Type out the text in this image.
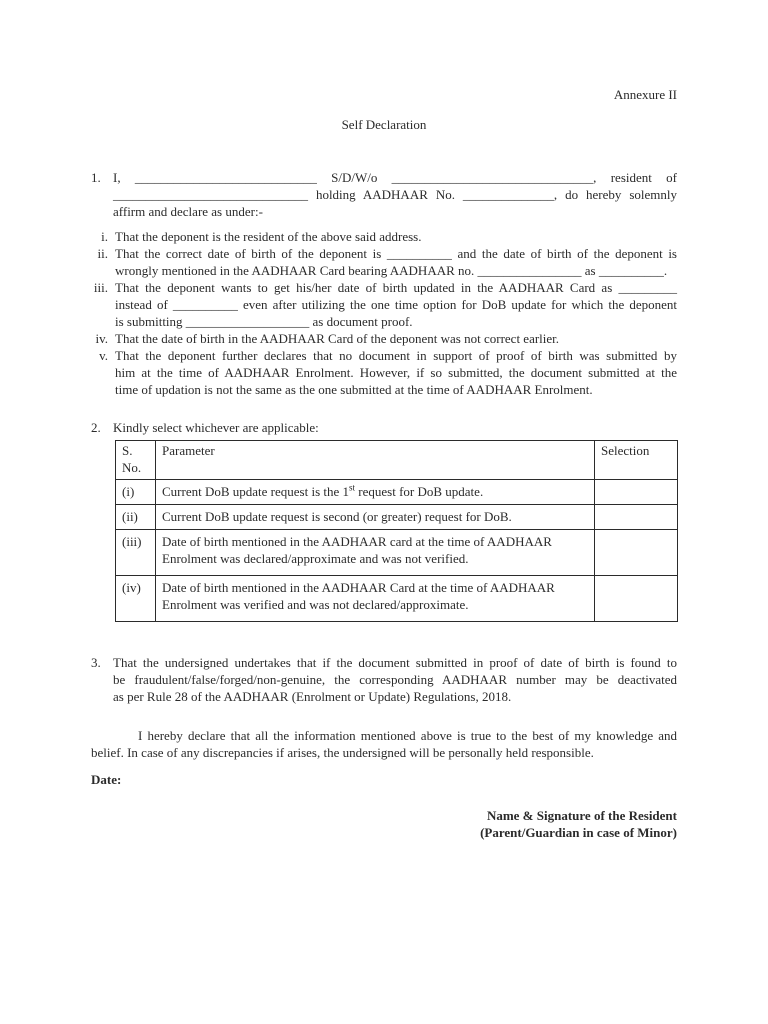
Annexure II
Self Declaration
1. I, ____________________________ S/D/W/o _______________________________, resident of
______________________________ holding AADHAAR No. ______________, do hereby solemnly
affirm and declare as under:-
i. That the deponent is the resident of the above said address.
ii. That the correct date of birth of the deponent is __________ and the date of birth of the deponent is
wrongly mentioned in the AADHAAR Card bearing AADHAAR no. ________________ as __________.
iii. That the deponent wants to get his/her date of birth updated in the AADHAAR Card as _________
instead of __________ even after utilizing the one time option for DoB update for which the deponent
is submitting ___________________ as document proof.
iv. That the date of birth in the AADHAAR Card of the deponent was not correct earlier.
v. That the deponent further declares that no document in support of proof of birth was submitted by
him at the time of AADHAAR Enrolment. However, if so submitted, the document submitted at the
time of updation is not the same as the one submitted at the time of AADHAAR Enrolment.
2. Kindly select whichever are applicable:
S. No.	Parameter	Selection
(i)	Current DoB update request is the 1st request for DoB update.	
(ii)	Current DoB update request is second (or greater) request for DoB.	
(iii)	Date of birth mentioned in the AADHAAR card at the time of AADHAAR Enrolment was declared/approximate and was not verified.	
(iv)	Date of birth mentioned in the AADHAAR Card at the time of AADHAAR Enrolment was verified and was not declared/approximate.	
3. That the undersigned undertakes that if the document submitted in proof of date of birth is found to
be fraudulent/false/forged/non-genuine, the corresponding AADHAAR number may be deactivated
as per Rule 28 of the AADHAAR (Enrolment or Update) Regulations, 2018.
I hereby declare that all the information mentioned above is true to the best of my knowledge and
belief. In case of any discrepancies if arises, the undersigned will be personally held responsible.
Date:
Name & Signature of the Resident
(Parent/Guardian in case of Minor)
